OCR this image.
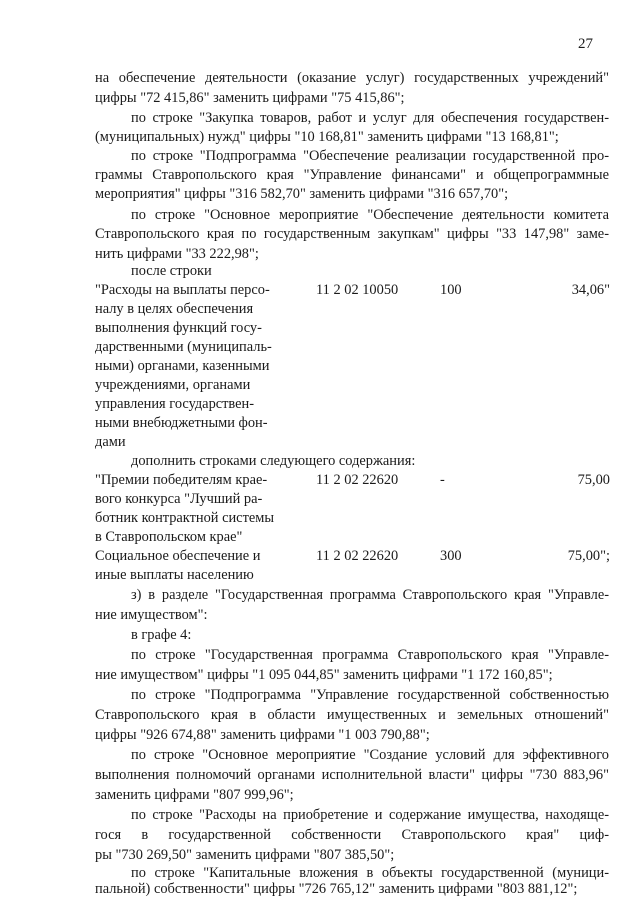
27
на обеспечение деятельности (оказание услуг) государственных учреждений"
цифры "72 415,86" заменить цифрами "75 415,86";
по строке "Закупка товаров, работ и услуг для обеспечения государствен-
(муниципальных) нужд" цифры "10 168,81" заменить цифрами "13 168,81";
по строке "Подпрограмма "Обеспечение реализации государственной про-
граммы Ставропольского края "Управление финансами" и общепрограммные
мероприятия" цифры "316 582,70" заменить цифрами "316 657,70";
по строке "Основное мероприятие "Обеспечение деятельности комитета
Ставропольского края по государственным закупкам" цифры "33 147,98" заме-
нить цифрами "33 222,98";
после строки
"Расходы на выплаты персо-
налу в целях обеспечения
выполнения функций госу-
дарственными (муниципаль-
ными) органами, казенными
учреждениями, органами
управления государствен-
ными внебюджетными фон-
дами
11 2 02 10050	100	34,06"
дополнить строками следующего содержания:
"Премии победителям крае-
вого конкурса "Лучший ра-
ботник контрактной системы
в Ставропольском крае"
11 2 02 22620	-	75,00
Социальное обеспечение и
иные выплаты населению
11 2 02 22620	300	75,00";
з) в разделе "Государственная программа Ставропольского края "Управле-
ние имуществом":
в графе 4:
по строке "Государственная программа Ставропольского края "Управле-
ние имуществом" цифры "1 095 044,85" заменить цифрами "1 172 160,85";
по строке "Подпрограмма "Управление государственной собственностью
Ставропольского края в области имущественных и земельных отношений"
цифры "926 674,88" заменить цифрами "1 003 790,88";
по строке "Основное мероприятие "Создание условий для эффективного
выполнения полномочий органами исполнительной власти" цифры "730 883,96"
заменить цифрами "807 999,96";
по строке "Расходы на приобретение и содержание имущества, находяще-
гося в государственной собственности Ставропольского края" циф-
ры "730 269,50" заменить цифрами "807 385,50";
по строке "Капитальные вложения в объекты государственной (муници-
пальной) собственности" цифры "726 765,12" заменить цифрами "803 881,12";
